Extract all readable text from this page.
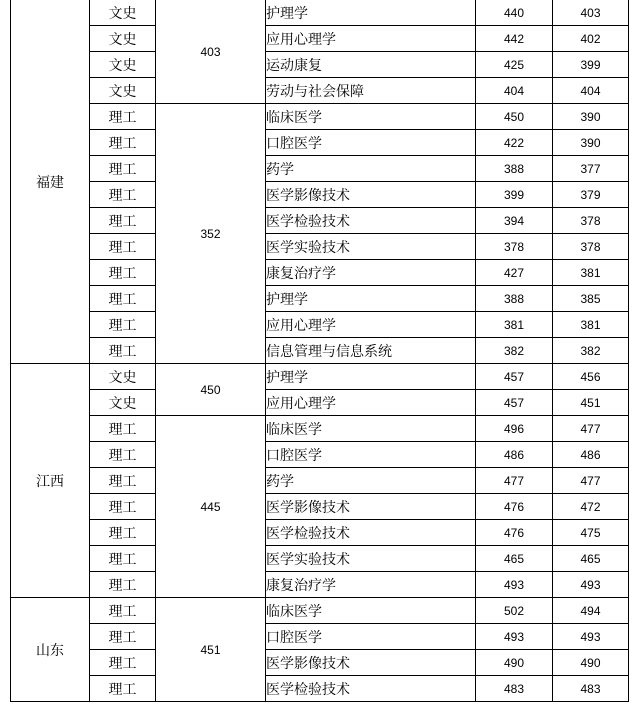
福建	文史	403	护理学	440	403
	文史		应用心理学	442	402
	文史		运动康复	425	399
	文史		劳动与社会保障	404	404
	理工	352	临床医学	450	390
	理工		口腔医学	422	390
	理工		药学	388	377
	理工		医学影像技术	399	379
	理工		医学检验技术	394	378
	理工		医学实验技术	378	378
	理工		康复治疗学	427	381
	理工		护理学	388	385
	理工		应用心理学	381	381
	理工		信息管理与信息系统	382	382
江西	文史	450	护理学	457	456
	文史		应用心理学	457	451
	理工	445	临床医学	496	477
	理工		口腔医学	486	486
	理工		药学	477	477
	理工		医学影像技术	476	472
	理工		医学检验技术	476	475
	理工		医学实验技术	465	465
	理工		康复治疗学	493	493
山东	理工	451	临床医学	502	494
	理工		口腔医学	493	493
	理工		医学影像技术	490	490
	理工		医学检验技术	483	483
